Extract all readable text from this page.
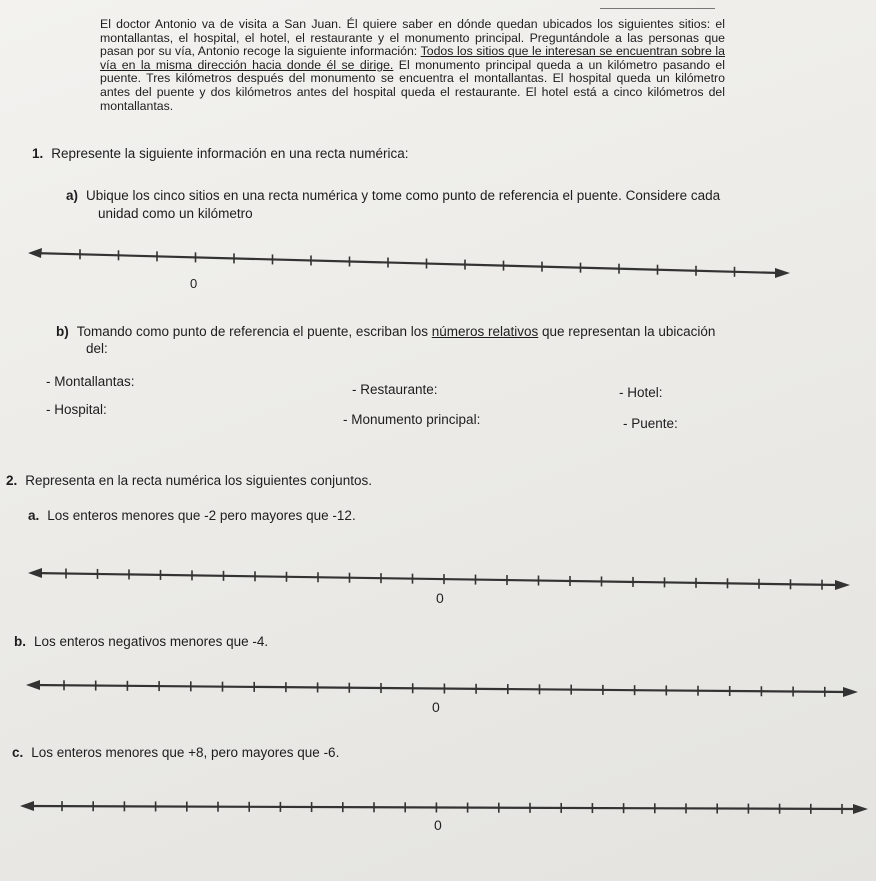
El doctor Antonio va de visita a San Juan. Él quiere saber en dónde quedan ubicados los siguientes sitios: el montallantas, el hospital, el hotel, el restaurante y el monumento principal. Preguntándole a las personas que pasan por su vía, Antonio recoge la siguiente información: Todos los sitios que le interesan se encuentran sobre la vía en la misma dirección hacia donde él se dirige. El monumento principal queda a un kilómetro pasando el puente. Tres kilómetros después del monumento se encuentra el montallantas. El hospital queda un kilómetro antes del puente y dos kilómetros antes del hospital queda el restaurante. El hotel está a cinco kilómetros del montallantas.

1. Represente la siguiente información en una recta numérica:

a) Ubique los cinco sitios en una recta numérica y tome como punto de referencia el puente. Considere cada

unidad como un kilómetro

0

b) Tomando como punto de referencia el puente, escriban los números relativos que representan la ubicación

del:

- Montallantas:

- Restaurante:	- Hotel:

- Hospital:

- Monumento principal:	- Puente:

2. Representa en la recta numérica los siguientes conjuntos.

a. Los enteros menores que -2 pero mayores que -12.

0

b. Los enteros negativos menores que -4.

0

c. Los enteros menores que +8, pero mayores que -6.

0
